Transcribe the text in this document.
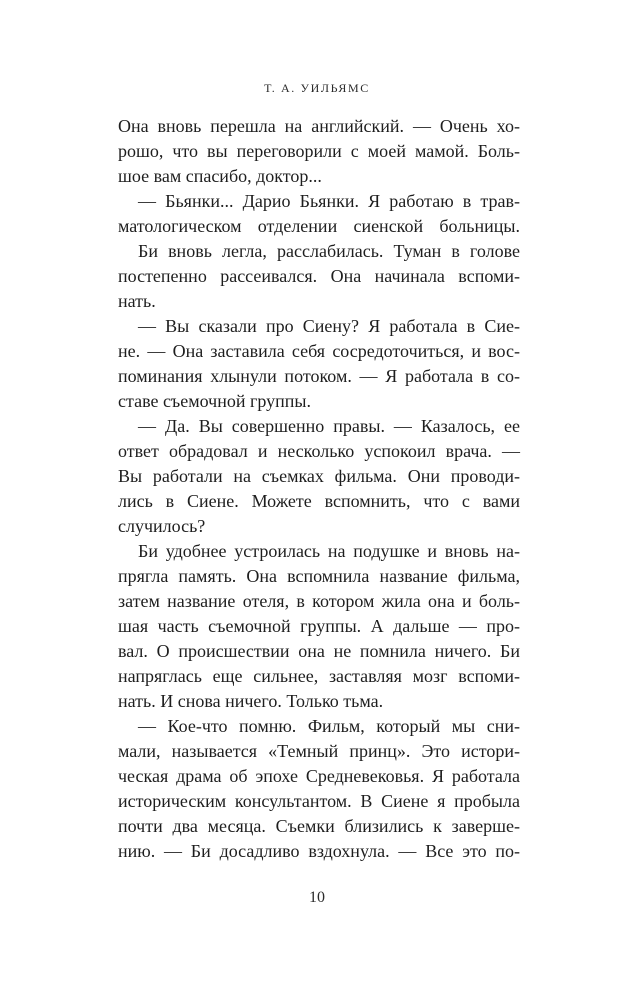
Т. А. УИЛЬЯМС
Она вновь перешла на английский. — Очень хо-
рошо, что вы переговорили с моей мамой. Боль-
шое вам спасибо, доктор...
— Бьянки... Дарио Бьянки. Я работаю в трав-
матологическом отделении сиенской больницы.
Би вновь легла, расслабилась. Туман в голове
постепенно рассеивался. Она начинала вспоми-
нать.
— Вы сказали про Сиену? Я работала в Сие-
не. — Она заставила себя сосредоточиться, и вос-
поминания хлынули потоком. — Я работала в со-
ставе съемочной группы.
— Да. Вы совершенно правы. — Казалось, ее
ответ обрадовал и несколько успокоил врача. —
Вы работали на съемках фильма. Они проводи-
лись в Сиене. Можете вспомнить, что с вами
случилось?
Би удобнее устроилась на подушке и вновь на-
прягла память. Она вспомнила название фильма,
затем название отеля, в котором жила она и боль-
шая часть съемочной группы. А дальше — про-
вал. О происшествии она не помнила ничего. Би
напряглась еще сильнее, заставляя мозг вспоми-
нать. И снова ничего. Только тьма.
— Кое-что помню. Фильм, который мы сни-
мали, называется «Темный принц». Это истори-
ческая драма об эпохе Средневековья. Я работала
историческим консультантом. В Сиене я пробыла
почти два месяца. Съемки близились к заверше-
нию. — Би досадливо вздохнула. — Все это по-
10
